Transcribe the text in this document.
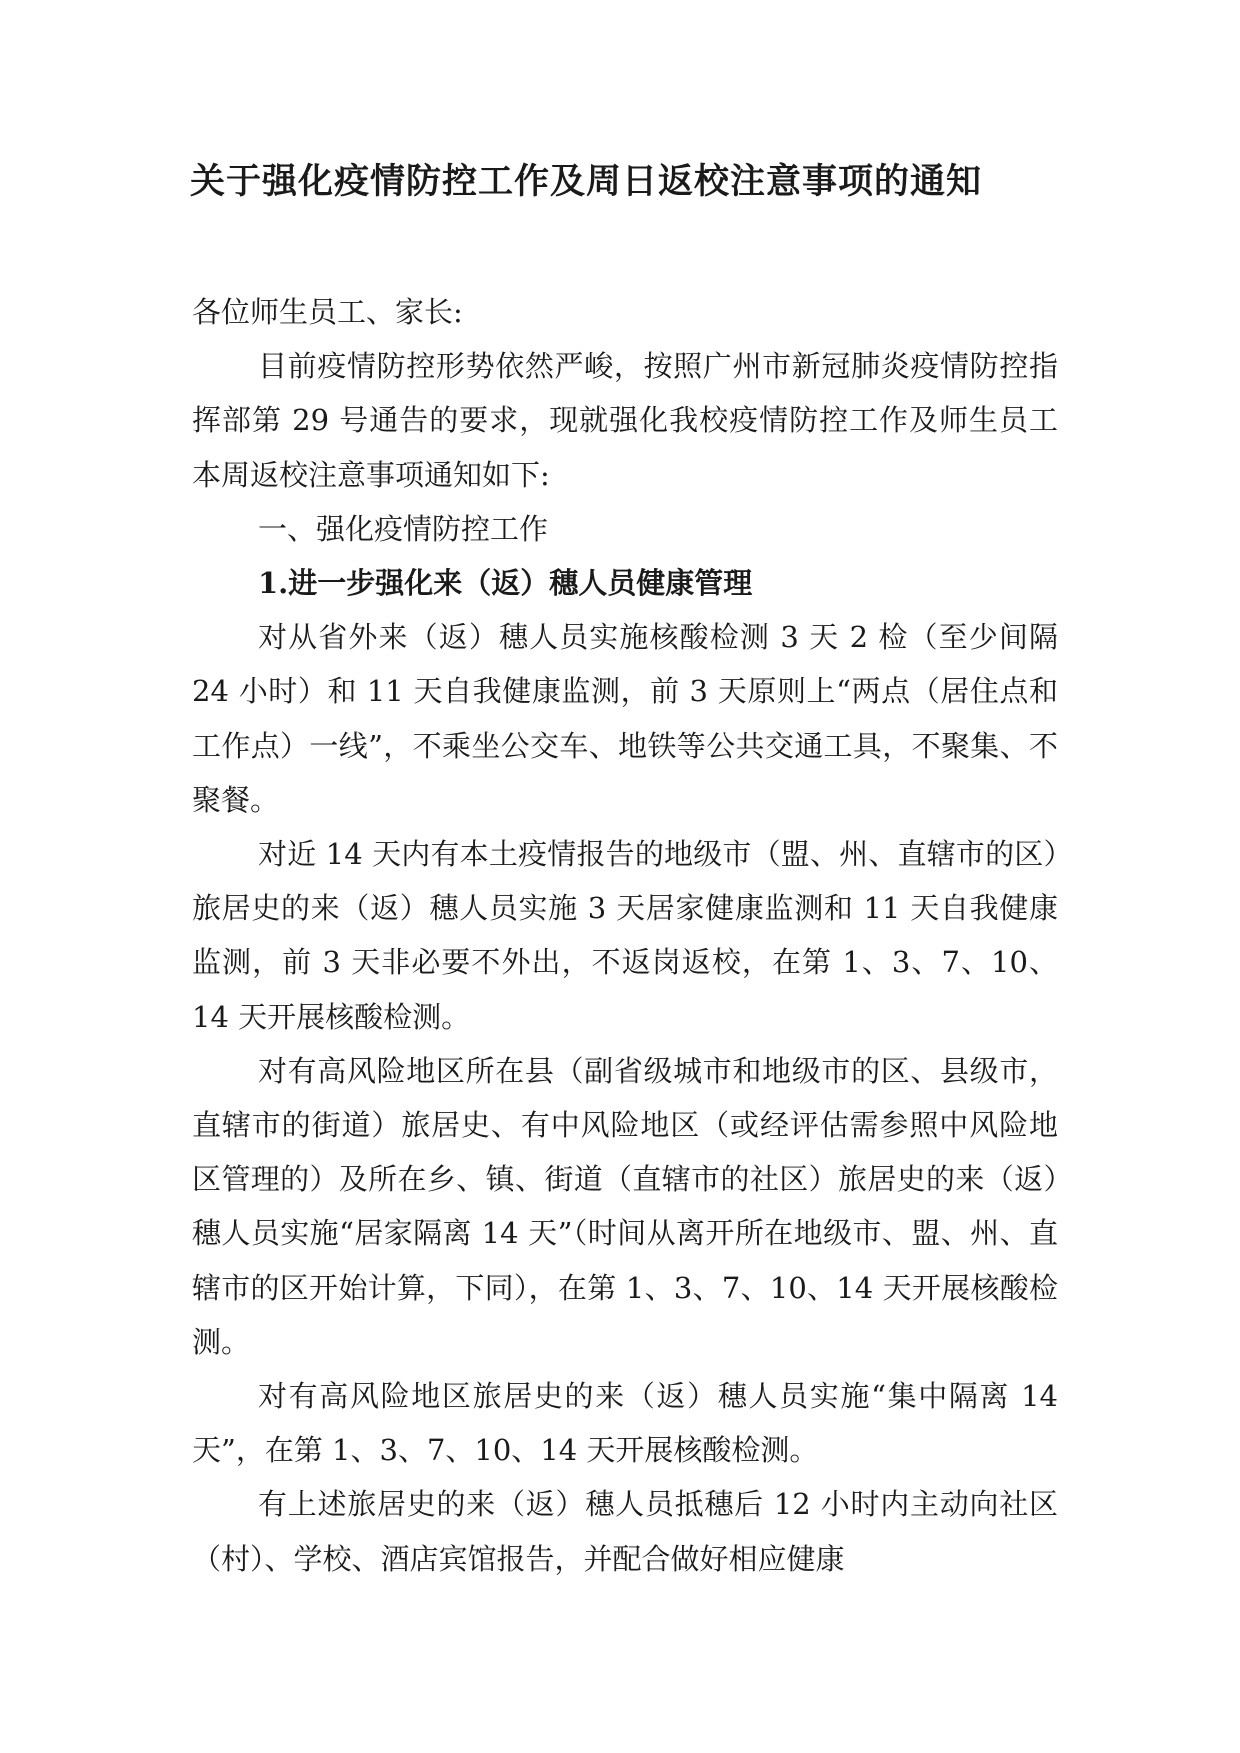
关于强化疫情防控工作及周日返校注意事项的通知

各位师生员工、家长:

目前疫情防控形势依然严峻，按照广州市新冠肺炎疫情防控指挥部第 29 号通告的要求，现就强化我校疫情防控工作及师生员工本周返校注意事项通知如下:

一、强化疫情防控工作

1.进一步强化来（返）穗人员健康管理

对从省外来（返）穗人员实施核酸检测 3 天 2 检（至少间隔 24 小时）和 11 天自我健康监测，前 3 天原则上“两点（居住点和工作点）一线”，不乘坐公交车、地铁等公共交通工具，不聚集、不聚餐。

对近 14 天内有本土疫情报告的地级市（盟、州、直辖市的区）旅居史的来（返）穗人员实施 3 天居家健康监测和 11 天自我健康监测，前 3 天非必要不外出，不返岗返校，在第 1、3、7、10、14 天开展核酸检测。

对有高风险地区所在县（副省级城市和地级市的区、县级市，直辖市的街道）旅居史、有中风险地区（或经评估需参照中风险地区管理的）及所在乡、镇、街道（直辖市的社区）旅居史的来（返）穗人员实施“居家隔离 14 天”（时间从离开所在地级市、盟、州、直辖市的区开始计算，下同），在第 1、3、7、10、14 天开展核酸检测。

对有高风险地区旅居史的来（返）穗人员实施“集中隔离 14 天”，在第 1、3、7、10、14 天开展核酸检测。

有上述旅居史的来（返）穗人员抵穗后 12 小时内主动向社区（村）、学校、酒店宾馆报告，并配合做好相应健康
